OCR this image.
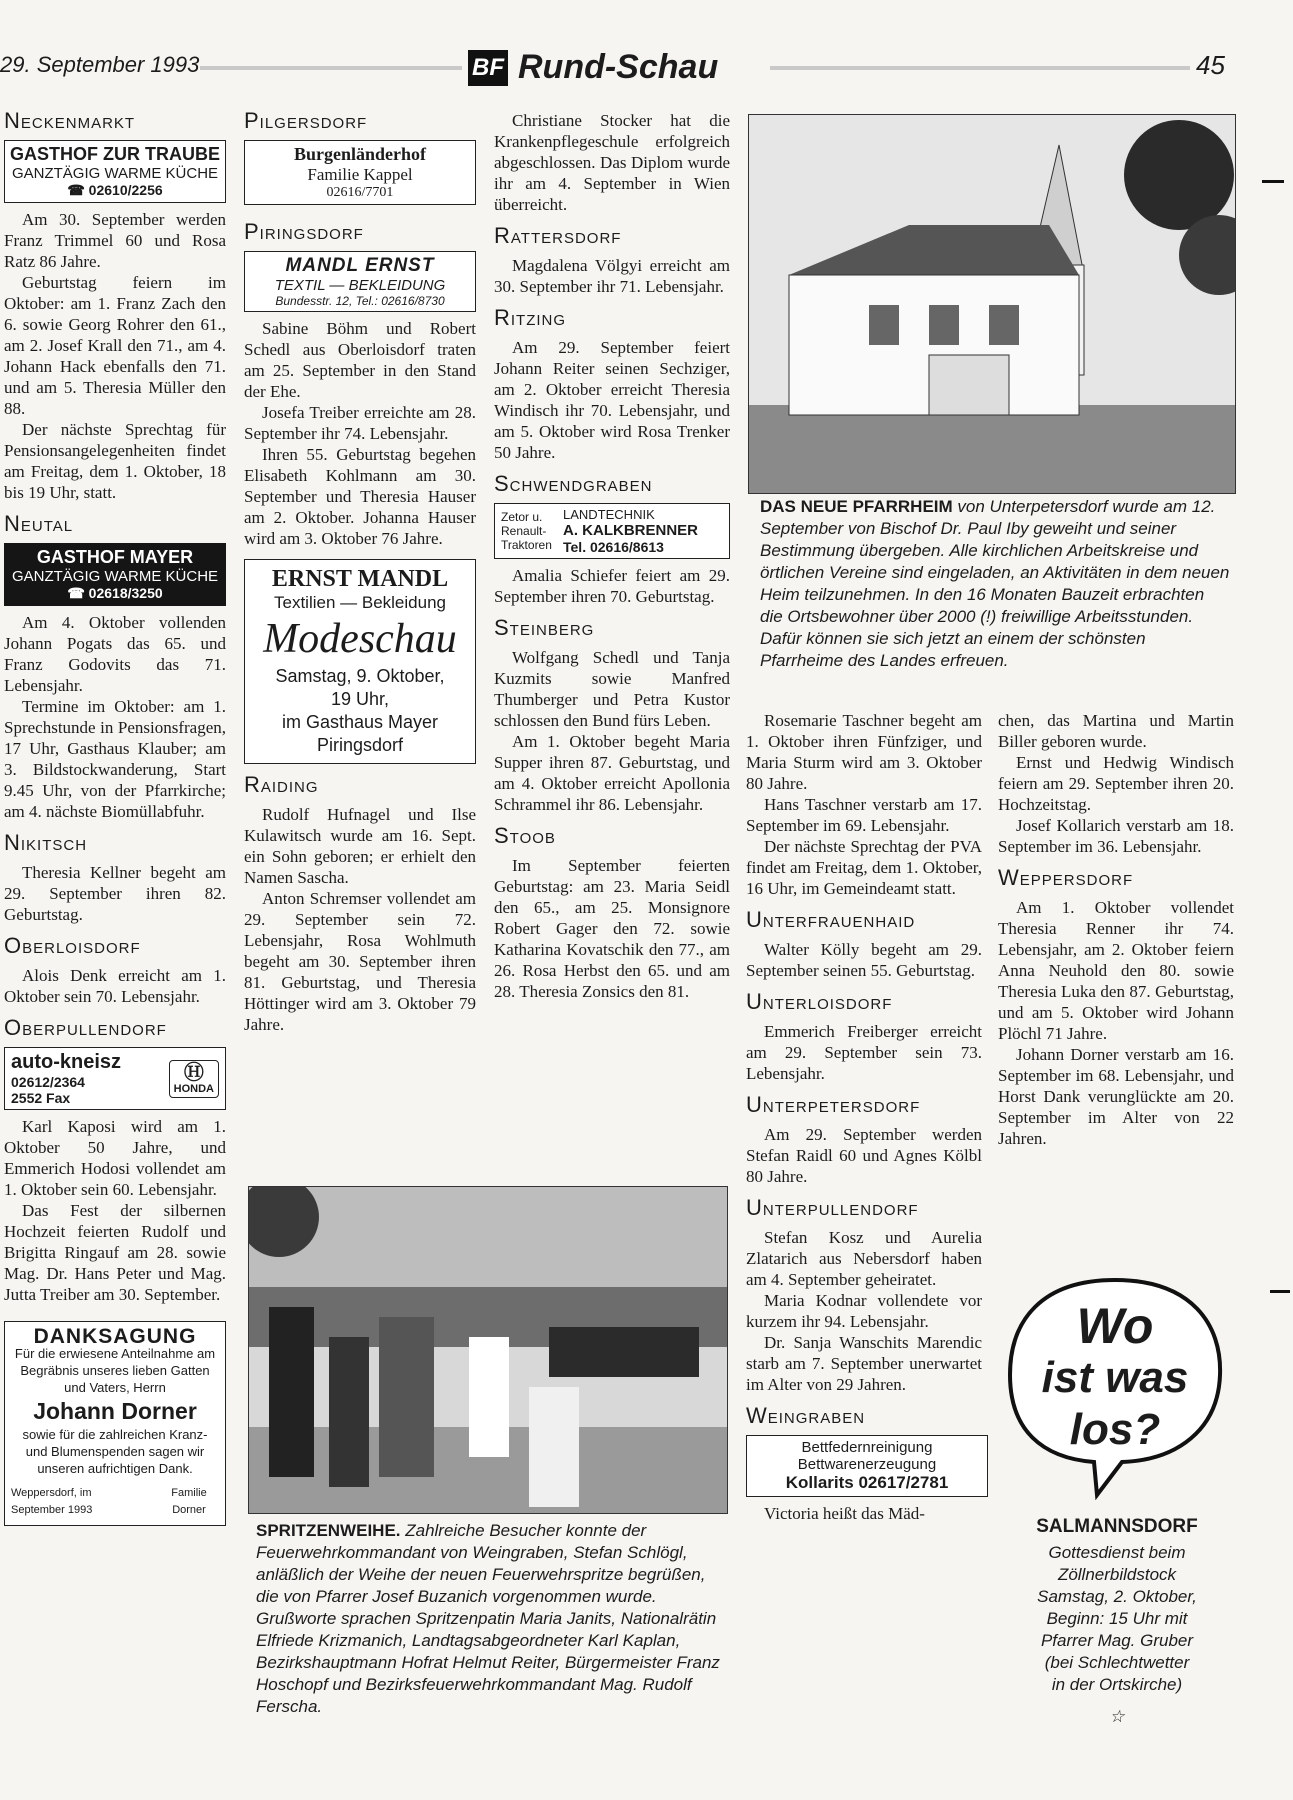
29. September 1993	BF Rund-Schau	45
Neckenmarkt
GASTHOF ZUR TRAUBE
GANZTÄGIG WARME KÜCHE
☎ 02610/2256

Am 30. September werden Franz Trimmel 60 und Rosa Ratz 86 Jahre.

Geburtstag feiern im Oktober: am 1. Franz Zach den 6. sowie Georg Rohrer den 61., am 2. Josef Krall den 71., am 4. Johann Hack ebenfalls den 71. und am 5. Theresia Müller den 88.

Der nächste Sprechtag für Pensionsangelegenheiten findet am Freitag, dem 1. Oktober, 18 bis 19 Uhr, statt.

Neutal
GASTHOF MAYER
GANZTÄGIG WARME KÜCHE
☎ 02618/3250

Am 4. Oktober vollenden Johann Pogats das 65. und Franz Godovits das 71. Lebensjahr.

Termine im Oktober: am 1. Sprechstunde in Pensionsfragen, 17 Uhr, Gasthaus Klauber; am 3. Bildstockwanderung, Start 9.45 Uhr, von der Pfarrkirche; am 4. nächste Biomüllabfuhr.

Nikitsch

Theresia Kellner begeht am 29. September ihren 82. Geburtstag.

Oberloisdorf

Alois Denk erreicht am 1. Oktober sein 70. Lebensjahr.

Oberpullendorf
auto-kneisz
02612/2364
2552 Fax
Ⓗ
HONDA

Karl Kaposi wird am 1. Oktober 50 Jahre, und Emmerich Hodosi vollendet am 1. Oktober sein 60. Lebensjahr.

Das Fest der silbernen Hochzeit feierten Rudolf und Brigitta Ringauf am 28. sowie Mag. Dr. Hans Peter und Mag. Jutta Treiber am 30. September.

DANKSAGUNG
Für die erwiesene Anteilnahme am Begräbnis unseres lieben Gatten und Vaters, Herrn
Johann Dorner
sowie für die zahlreichen Kranz- und Blumenspenden sagen wir unseren aufrichtigen Dank.
Weppersdorf, im September 1993
Familie Dorner
Pilgersdorf
Burgenländerhof
Familie Kappel
02616/7701
Piringsdorf
MANDL ERNST
TEXTIL — BEKLEIDUNG
Bundesstr. 12, Tel.: 02616/8730

Sabine Böhm und Robert Schedl aus Oberloisdorf traten am 25. September in den Stand der Ehe.

Josefa Treiber erreichte am 28. September ihr 74. Lebensjahr.

Ihren 55. Geburtstag begehen Elisabeth Kohlmann am 30. September und Theresia Hauser am 2. Oktober. Johanna Hauser wird am 3. Oktober 76 Jahre.

ERNST MANDL
Textilien — Bekleidung
Modeschau
Samstag, 9. Oktober,
19 Uhr,
im Gasthaus Mayer
Piringsdorf
Raiding

Rudolf Hufnagel und Ilse Kulawitsch wurde am 16. Sept. ein Sohn geboren; er erhielt den Namen Sascha.

Anton Schremser vollendet am 29. September sein 72. Lebensjahr, Rosa Wohlmuth begeht am 30. September ihren 81. Geburtstag, und Theresia Höttinger wird am 3. Oktober 79 Jahre.

Christiane Stocker hat die Krankenpflegeschule erfolgreich abgeschlossen. Das Diplom wurde ihr am 4. September in Wien überreicht.

Rattersdorf

Magdalena Völgyi erreicht am 30. September ihr 71. Lebensjahr.

Ritzing

Am 29. September feiert Johann Reiter seinen Sechziger, am 2. Oktober erreicht Theresia Windisch ihr 70. Lebensjahr, und am 5. Oktober wird Rosa Trenker 50 Jahre.

Schwendgraben
Zetor u. Renault- Traktoren
LANDTECHNIK
A. KALKBRENNER
Tel. 02616/8613

Amalia Schiefer feiert am 29. September ihren 70. Geburtstag.

Steinberg

Wolfgang Schedl und Tanja Kuzmits sowie Manfred Thumberger und Petra Kustor schlossen den Bund fürs Leben.

Am 1. Oktober begeht Maria Supper ihren 87. Geburtstag, und am 4. Oktober erreicht Apollonia Schrammel ihr 86. Lebensjahr.

Stoob

Im September feierten Geburtstag: am 23. Maria Seidl den 65., am 25. Monsignore Robert Gager den 72. sowie Katharina Kovatschik den 77., am 26. Rosa Herbst den 65. und am 28. Theresia Zonsics den 81.

DAS NEUE PFARRHEIM von Unterpetersdorf wurde am 12. September von Bischof Dr. Paul Iby geweiht und seiner Bestimmung übergeben. Alle kirchlichen Arbeitskreise und örtlichen Vereine sind eingeladen, an Aktivitäten in dem neuen Heim teilzunehmen. In den 16 Monaten Bauzeit erbrachten die Ortsbewohner über 2000 (!) freiwillige Arbeitsstunden. Dafür können sie sich jetzt an einem der schönsten Pfarrheime des Landes erfreuen.
SPRITZENWEIHE. Zahlreiche Besucher konnte der Feuerwehrkommandant von Weingraben, Stefan Schlögl, anläßlich der Weihe der neuen Feuerwehrspritze begrüßen, die von Pfarrer Josef Buzanich vorgenommen wurde. Grußworte sprachen Spritzenpatin Maria Janits, Nationalrätin Elfriede Krizmanich, Landtagsabgeordneter Karl Kaplan, Bezirkshauptmann Hofrat Helmut Reiter, Bürgermeister Franz Hoschopf und Bezirksfeuerwehrkommandant Mag. Rudolf Ferscha.

Rosemarie Taschner begeht am 1. Oktober ihren Fünfziger, und Maria Sturm wird am 3. Oktober 80 Jahre.

Hans Taschner verstarb am 17. September im 69. Lebensjahr.

Der nächste Sprechtag der PVA findet am Freitag, dem 1. Oktober, 16 Uhr, im Gemeindeamt statt.

Unterfrauenhaid

Walter Kölly begeht am 29. September seinen 55. Geburtstag.

Unterloisdorf

Emmerich Freiberger erreicht am 29. September sein 73. Lebensjahr.

Unterpetersdorf

Am 29. September werden Stefan Raidl 60 und Agnes Kölbl 80 Jahre.

Unterpullendorf

Stefan Kosz und Aurelia Zlatarich aus Nebersdorf haben am 4. September geheiratet.

Maria Kodnar vollendete vor kurzem ihr 94. Lebensjahr.

Dr. Sanja Wanschits Marendic starb am 7. September unerwartet im Alter von 29 Jahren.

Weingraben
Bettfedernreinigung
Bettwarenerzeugung
Kollarits 02617/2781

Victoria heißt das Mäd-

chen, das Martina und Martin Biller geboren wurde.

Ernst und Hedwig Windisch feiern am 29. September ihren 20. Hochzeitstag.

Josef Kollarich verstarb am 18. September im 36. Lebensjahr.

Weppersdorf

Am 1. Oktober vollendet Theresia Renner ihr 74. Lebensjahr, am 2. Oktober feiern Anna Neuhold den 80. sowie Theresia Luka den 87. Geburtstag, und am 5. Oktober wird Johann Plöchl 71 Jahre.

Johann Dorner verstarb am 16. September im 68. Lebensjahr, und Horst Dank verunglückte am 20. September im Alter von 22 Jahren.

Wo
ist was
los?
SALMANNSDORF
Gottesdienst beim
Zöllnerbildstock
Samstag, 2. Oktober,
Beginn: 15 Uhr mit
Pfarrer Mag. Gruber
(bei Schlechtwetter
in der Ortskirche)
☆
